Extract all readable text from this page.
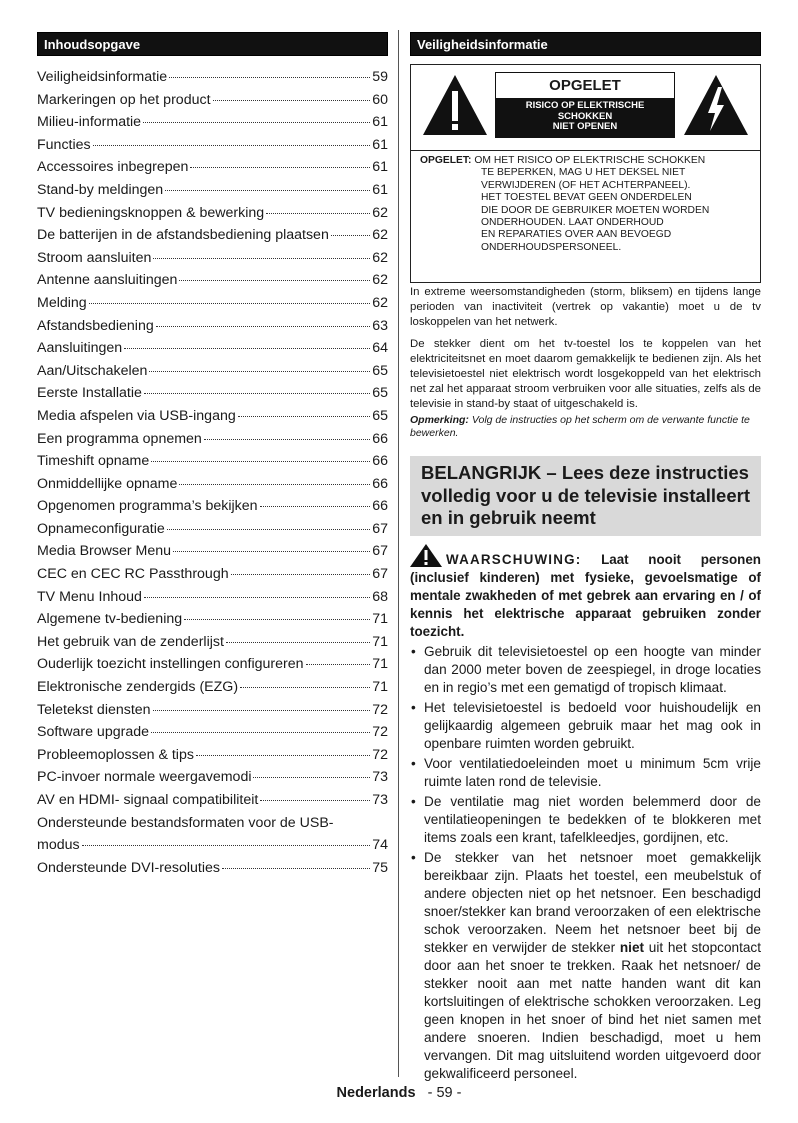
Inhoudsopgave
Veiligheidsinformatie	59
Markeringen op het product	60
Milieu-informatie	61
Functies	61
Accessoires inbegrepen	61
Stand-by meldingen	61
TV bedieningsknoppen & bewerking	62
De batterijen in de afstandsbediening plaatsen	62
Stroom aansluiten	62
Antenne aansluitingen	62
Melding	62
Afstandsbediening	63
Aansluitingen	64
Aan/Uitschakelen	65
Eerste Installatie	65
Media afspelen via USB-ingang	65
Een programma opnemen	66
Timeshift opname	66
Onmiddellijke opname	66
Opgenomen programma’s bekijken	66
Opnameconfiguratie	67
Media Browser Menu	67
CEC en CEC RC Passthrough	67
TV Menu Inhoud	68
Algemene tv-bediening	71
Het gebruik van de zenderlijst	71
Ouderlijk toezicht instellingen configureren	71
Elektronische zendergids (EZG)	71
Teletekst diensten	72
Software upgrade	72
Probleemoplossen & tips	72
PC-invoer normale weergavemodi	73
AV en HDMI- signaal compatibiliteit	73
Ondersteunde bestandsformaten voor de USB-
modus	74
Ondersteunde DVI-resoluties	75
Veiligheidsinformatie
OPGELET
RISICO OP ELEKTRISCHE
SCHOKKEN
NIET OPENEN
OPGELET: OM HET RISICO OP ELEKTRISCHE SCHOKKEN
TE BEPERKEN, MAG U HET DEKSEL NIET
VERWIJDEREN (OF HET ACHTERPANEEL).
HET TOESTEL BEVAT GEEN ONDERDELEN
DIE DOOR DE GEBRUIKER MOETEN WORDEN
ONDERHOUDEN. LAAT ONDERHOUD
EN REPARATIES OVER AAN BEVOEGD
ONDERHOUDSPERSONEEL.

In extreme weersomstandigheden (storm, bliksem) en tijdens lange perioden van inactiviteit (vertrek op vakantie) moet u de tv loskoppelen van het netwerk.

De stekker dient om het tv-toestel los te koppelen van het elektriciteitsnet en moet daarom gemakkelijk te bedienen zijn. Als het televisietoestel niet elektrisch wordt losgekoppeld van het elektrisch net zal het apparaat stroom verbruiken voor alle situaties, zelfs als de televisie in stand-by staat of uitgeschakeld is.

Opmerking: Volg de instructies op het scherm om de verwante functie te bewerken.

BELANGRIJK – Lees deze instructies volledig voor u de televisie installeert en in gebruik neemt

WAARSCHUWING: Laat nooit personen (inclusief kinderen) met fysieke, gevoelsmatige of mentale zwakheden of met gebrek aan ervaring en / of kennis het elektrische apparaat gebruiken zonder toezicht.

• Gebruik dit televisietoestel op een hoogte van minder dan 2000 meter boven de zeespiegel, in droge locaties en in regio’s met een gematigd of tropisch klimaat.
• Het televisietoestel is bedoeld voor huishoudelijk en gelijkaardig algemeen gebruik maar het mag ook in openbare ruimten worden gebruikt.
• Voor ventilatiedoeleinden moet u minimum 5cm vrije ruimte laten rond de televisie.
• De ventilatie mag niet worden belemmerd door de ventilatieopeningen te bedekken of te blokkeren met items zoals een krant, tafelkleedjes, gordijnen, etc.
• De stekker van het netsnoer moet gemakkelijk bereikbaar zijn. Plaats het toestel, een meubelstuk of andere objecten niet op het netsnoer. Een beschadigd snoer/stekker kan brand veroorzaken of een elektrische schok veroorzaken. Neem het netsnoer beet bij de stekker en verwijder de stekker niet uit het stopcontact door aan het snoer te trekken. Raak het netsnoer/ de stekker nooit aan met natte handen want dit kan kortsluitingen of elektrische schokken veroorzaken. Leg geen knopen in het snoer of bind het niet samen met andere snoeren. Indien beschadigd, moet u hem vervangen. Dit mag uitsluitend worden uitgevoerd door gekwalificeerd personeel.
Nederlands - 59 -
